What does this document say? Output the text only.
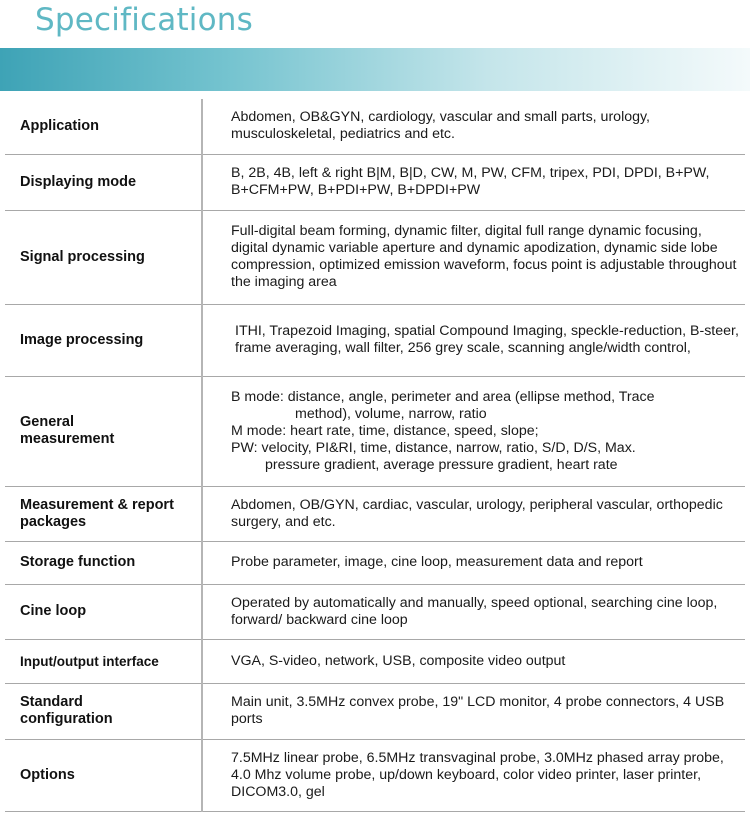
Specifications
Application	Abdomen, OB&GYN, cardiology, vascular and small parts, urology, musculoskeletal, pediatrics and etc.
Displaying mode	B, 2B, 4B, left & right B|M, B|D, CW, M, PW, CFM, tripex, PDI, DPDI, B+PW, B+CFM+PW, B+PDI+PW, B+DPDI+PW
Signal processing	Full-digital beam forming, dynamic filter, digital full range dynamic focusing, digital dynamic variable aperture and dynamic apodization, dynamic side lobe compression, optimized emission waveform, focus point is adjustable throughout the imaging area
Image processing	ITHI, Trapezoid Imaging, spatial Compound Imaging, speckle-reduction, B-steer, frame averaging, wall filter, 256 grey scale, scanning angle/width control,
General measurement	B mode: distance, angle, perimeter and area (ellipse method, Trace
method), volume, narrow, ratio
M mode: heart rate, time, distance, speed, slope;
PW: velocity, PI&RI, time, distance, narrow, ratio, S/D, D/S, Max.
pressure gradient, average pressure gradient, heart rate

Measurement & report packages	Abdomen, OB/GYN, cardiac, vascular, urology, peripheral vascular, orthopedic surgery, and etc.
Storage function	Probe parameter, image, cine loop, measurement data and report
Cine loop	Operated by automatically and manually, speed optional, searching cine loop, forward/ backward cine loop
Input/output interface	VGA, S-video, network, USB, composite video output
Standard configuration	Main unit, 3.5MHz convex probe, 19" LCD monitor, 4 probe connectors, 4 USB ports
Options	7.5MHz linear probe, 6.5MHz transvaginal probe, 3.0MHz phased array probe, 4.0 Mhz volume probe, up/down keyboard, color video printer, laser printer, DICOM3.0, gel
